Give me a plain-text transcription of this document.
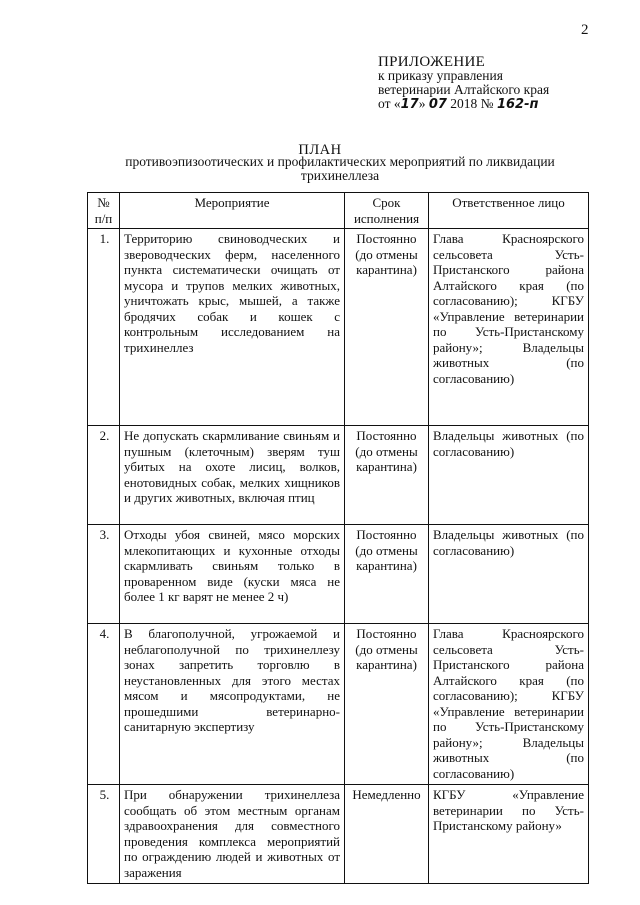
2
ПРИЛОЖЕНИЕ
к приказу управления
ветеринарии Алтайского края
от «17» 07 2018 № 162-п
ПЛАН
противоэпизоотических и профилактических мероприятий по ликвидации трихинеллеза
№ п/п	Мероприятие	Срок исполнения	Ответственное лицо
1.	Территорию свиноводческих и звероводческих ферм, населенного пункта систематически очищать от мусора и трупов мелких животных, уничтожать крыс, мышей, а также бродячих собак и кошек с контрольным исследованием на трихинеллез	Постоянно (до отмены карантина)	Глава Красноярского сельсовета Усть-Пристанского района Алтайского края (по согласованию); КГБУ «Управление ветеринарии по Усть-Пристанскому району»; Владельцы животных (по согласованию)
2.	Не допускать скармливание свиньям и пушным (клеточным) зверям туш убитых на охоте лисиц, волков, енотовидных собак, мелких хищников и других животных, включая птиц	Постоянно (до отмены карантина)	Владельцы животных (по согласованию)
3.	Отходы убоя свиней, мясо морских млекопитающих и кухонные отходы скармливать свиньям только в проваренном виде (куски мяса не более 1 кг варят не менее 2 ч)	Постоянно (до отмены карантина)	Владельцы животных (по согласованию)
4.	В благополучной, угрожаемой и неблагополучной по трихинеллезу зонах запретить торговлю в неустановленных для этого местах мясом и мясопродуктами, не прошедшими ветеринарно-санитарную экспертизу	Постоянно (до отмены карантина)	Глава Красноярского сельсовета Усть-Пристанского района Алтайского края (по согласованию); КГБУ «Управление ветеринарии по Усть-Пристанскому району»; Владельцы животных (по согласованию)
5.	При обнаружении трихинеллеза сообщать об этом местным органам здравоохранения для совместного проведения комплекса мероприятий по ограждению людей и животных от заражения	Немедленно	КГБУ «Управление ветеринарии по Усть-Пристанскому району»
